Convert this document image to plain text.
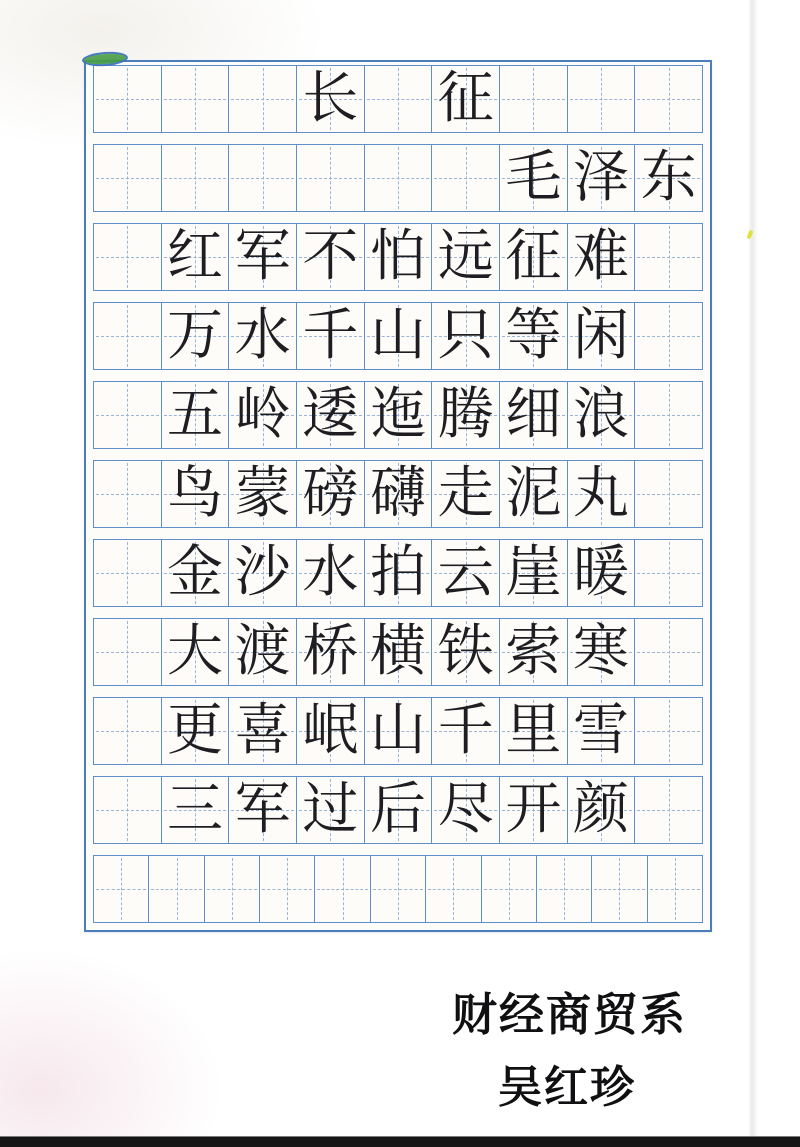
长 征
毛 泽 东
红 军 不 怕 远 征 难
万 水 千 山 只 等 闲
五 岭 逶 迤 腾 细 浪
鸟 蒙 磅 礴 走 泥 丸
金 沙 水 拍 云 崖 暖
大 渡 桥 横 铁 索 寒
更 喜 岷 山 千 里 雪
三 军 过 后 尽 开 颜
财经商贸系
吴红珍
